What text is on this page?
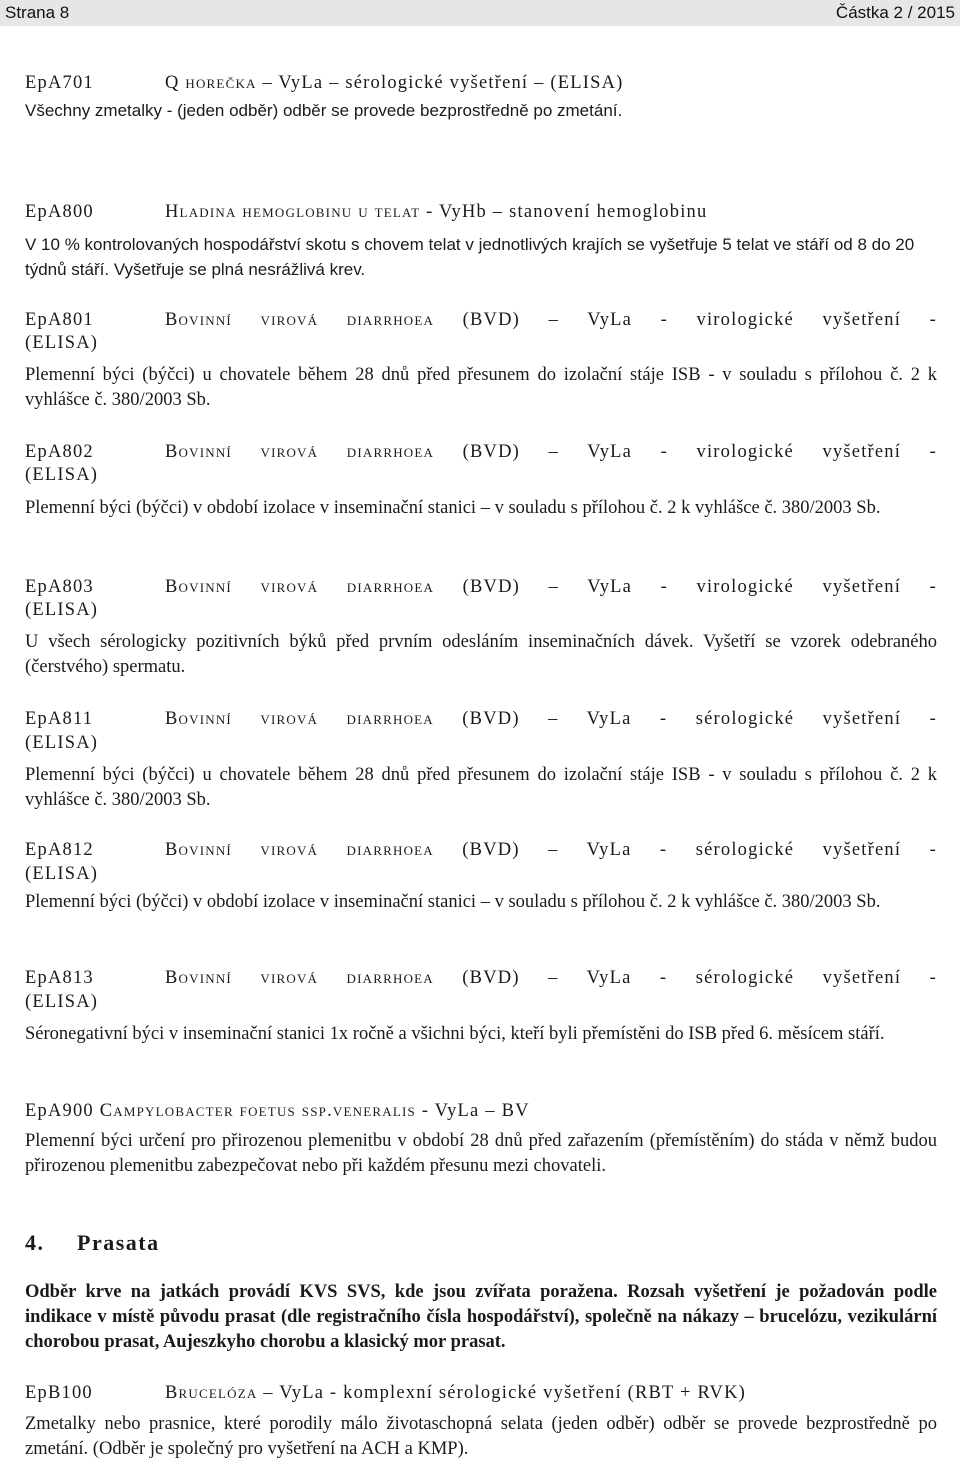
Strana 8	Částka 2 / 2015
EpA701	Q horečka – VyLa – sérologické vyšetření – (ELISA)
Všechny zmetalky - (jeden odběr) odběr se provede bezprostředně po zmetání.
EpA800	Hladina hemoglobinu u telat - VyHb – stanovení hemoglobinu
V 10 % kontrolovaných hospodářství skotu s chovem telat v jednotlivých krajích se vyšetřuje 5 telat ve stáří od 8 do 20 týdnů stáří. Vyšetřuje se plná nesrážlivá krev.
EpA801	Bovinní virová diarrhoea (BVD) – VyLa - virologické vyšetření -
(ELISA)
Plemenní býci (býčci) u chovatele během 28 dnů před přesunem do izolační stáje ISB - v souladu s přílohou č. 2 k vyhlášce č. 380/2003 Sb.
EpA802	Bovinní virová diarrhoea (BVD) – VyLa - virologické vyšetření -
(ELISA)
Plemenní býci (býčci) v období izolace v inseminační stanici – v souladu s přílohou č. 2 k vyhlášce č. 380/2003 Sb.
EpA803	Bovinní virová diarrhoea (BVD) – VyLa - virologické vyšetření -
(ELISA)
U všech sérologicky pozitivních býků před prvním odesláním inseminačních dávek. Vyšetří se vzorek odebraného (čerstvého) spermatu.
EpA811	Bovinní virová diarrhoea (BVD) – VyLa - sérologické vyšetření -
(ELISA)
Plemenní býci (býčci) u chovatele během 28 dnů před přesunem do izolační stáje ISB - v souladu s přílohou č. 2 k vyhlášce č. 380/2003 Sb.
EpA812	Bovinní virová diarrhoea (BVD) – VyLa - sérologické vyšetření -
(ELISA)
Plemenní býci (býčci) v období izolace v inseminační stanici – v souladu s přílohou č. 2 k vyhlášce č. 380/2003 Sb.
EpA813	Bovinní virová diarrhoea (BVD) – VyLa - sérologické vyšetření -
(ELISA)
Séronegativní býci v inseminační stanici 1x ročně a všichni býci, kteří byli přemístěni do ISB před 6. měsícem stáří.
EpA900 Campylobacter foetus ssp.veneralis - VyLa – BV
Plemenní býci určení pro přirozenou plemenitbu v období 28 dnů před zařazením (přemístěním) do stáda v němž budou přirozenou plemenitbu zabezpečovat nebo při každém přesunu mezi chovateli.
4. Prasata
Odběr krve na jatkách provádí KVS SVS, kde jsou zvířata poražena. Rozsah vyšetření je požadován podle indikace v místě původu prasat (dle registračního čísla hospodářství), společně na nákazy – brucelózu, vezikulární chorobou prasat, Aujeszkyho chorobu a klasický mor prasat.
EpB100	Brucelóza – VyLa - komplexní sérologické vyšetření (RBT + RVK)
Zmetalky nebo prasnice, které porodily málo životaschopná selata (jeden odběr) odběr se provede bezprostředně po zmetání. (Odběr je společný pro vyšetření na ACH a KMP).
